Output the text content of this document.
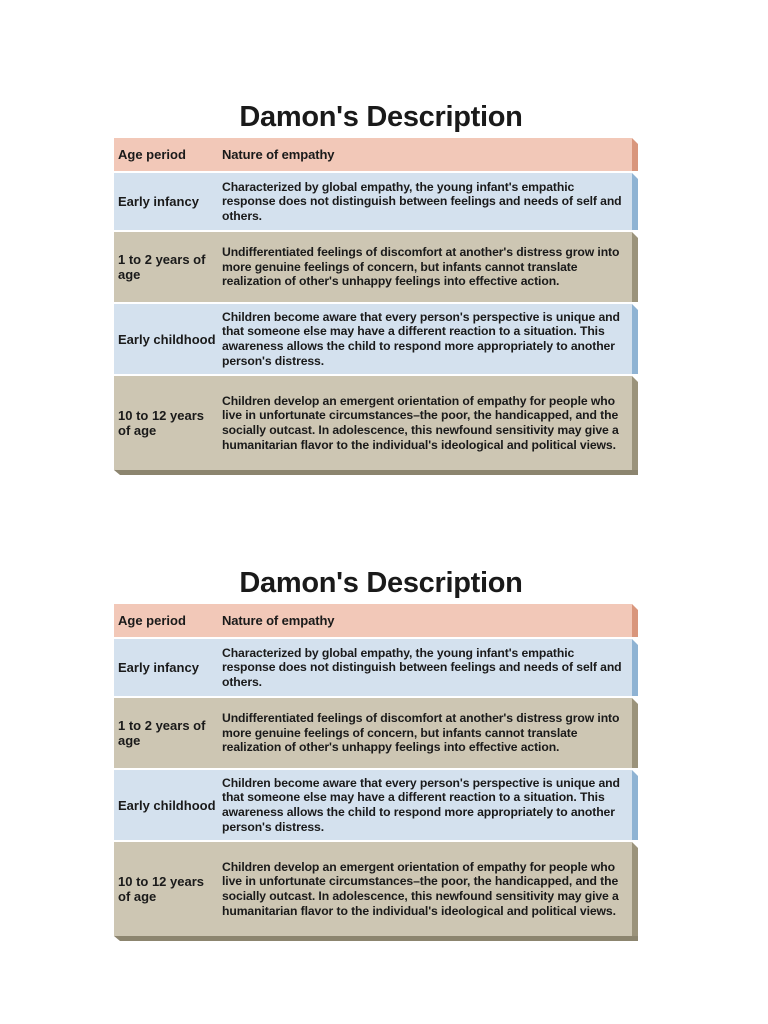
Damon's Description
Age period	Nature of empathy
Early infancy
Characterized by global empathy, the young infant's empathic response does not distinguish between feelings and needs of self and others.
1 to 2 years of age
Undifferentiated feelings of discomfort at another's distress grow into more genuine feelings of concern, but infants cannot translate realization of other's unhappy feelings into effective action.
Early childhood
Children become aware that every person's perspective is unique and that someone else may have a different reaction to a situation. This awareness allows the child to respond more appropriately to another person's distress.
10 to 12 years of age
Children develop an emergent orientation of empathy for people who live in unfortunate circumstances–the poor, the handicapped, and the socially outcast. In adolescence, this newfound sensitivity may give a humanitarian flavor to the individual's ideological and political views.
Damon's Description
Age period	Nature of empathy
Early infancy
Characterized by global empathy, the young infant's empathic response does not distinguish between feelings and needs of self and others.
1 to 2 years of age
Undifferentiated feelings of discomfort at another's distress grow into more genuine feelings of concern, but infants cannot translate realization of other's unhappy feelings into effective action.
Early childhood
Children become aware that every person's perspective is unique and that someone else may have a different reaction to a situation. This awareness allows the child to respond more appropriately to another person's distress.
10 to 12 years of age
Children develop an emergent orientation of empathy for people who live in unfortunate circumstances–the poor, the handicapped, and the socially outcast. In adolescence, this newfound sensitivity may give a humanitarian flavor to the individual's ideological and political views.
